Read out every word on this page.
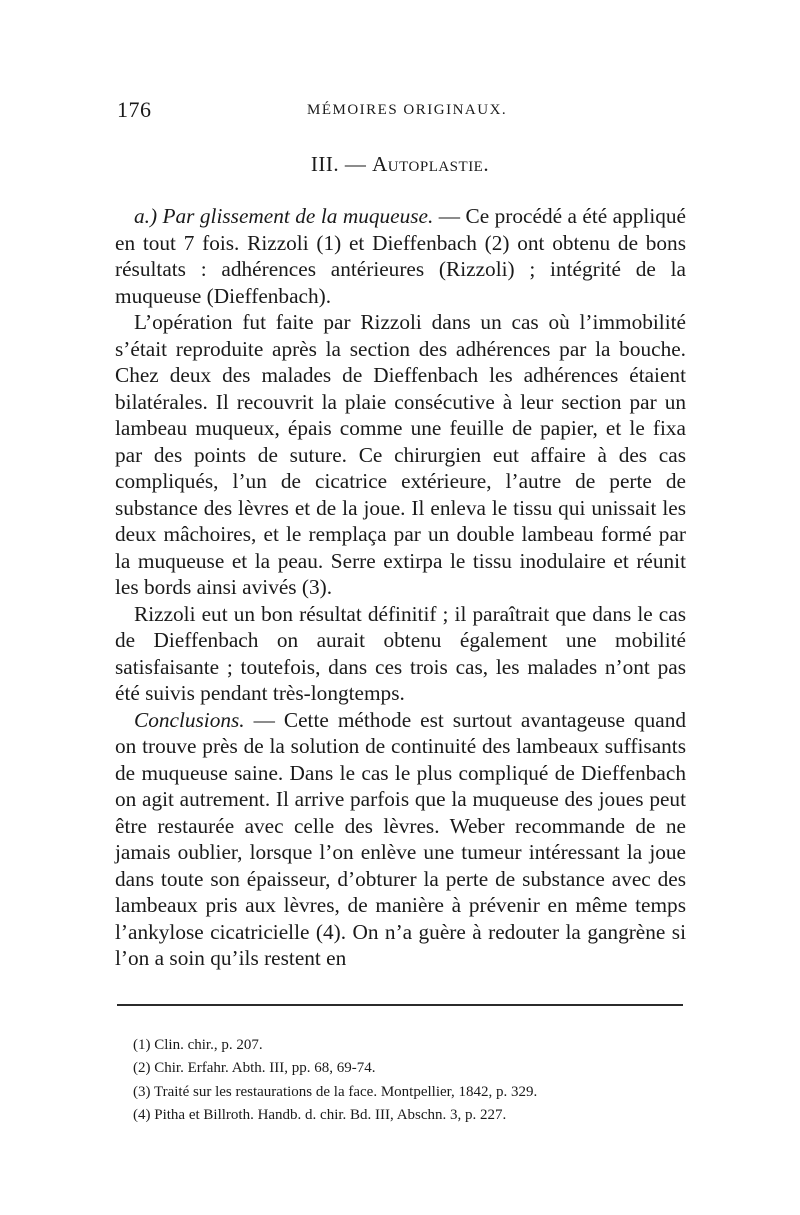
176	MÉMOIRES ORIGINAUX.
III. — Autoplastie.

a.) Par glissement de la muqueuse. — Ce procédé a été appliqué en tout 7 fois. Rizzoli (1) et Dieffenbach (2) ont obtenu de bons résultats : adhérences antérieures (Rizzoli) ; intégrité de la muqueuse (Dieffenbach).

L’opération fut faite par Rizzoli dans un cas où l’immobilité s’était reproduite après la section des adhérences par la bouche. Chez deux des malades de Dieffenbach les adhérences étaient bilatérales. Il recouvrit la plaie consécutive à leur section par un lambeau muqueux, épais comme une feuille de papier, et le fixa par des points de suture. Ce chirurgien eut affaire à des cas compliqués, l’un de cicatrice extérieure, l’autre de perte de substance des lèvres et de la joue. Il enleva le tissu qui unissait les deux mâchoires, et le remplaça par un double lambeau formé par la muqueuse et la peau. Serre extirpa le tissu inodulaire et réunit les bords ainsi avivés (3).

Rizzoli eut un bon résultat définitif ; il paraîtrait que dans le cas de Dieffenbach on aurait obtenu également une mobilité satisfaisante ; toutefois, dans ces trois cas, les malades n’ont pas été suivis pendant très-longtemps.

Conclusions. — Cette méthode est surtout avantageuse quand on trouve près de la solution de continuité des lambeaux suffisants de muqueuse saine. Dans le cas le plus compliqué de Dieffenbach on agit autrement. Il arrive parfois que la muqueuse des joues peut être restaurée avec celle des lèvres. Weber recommande de ne jamais oublier, lorsque l’on enlève une tumeur intéressant la joue dans toute son épaisseur, d’obturer la perte de substance avec des lambeaux pris aux lèvres, de manière à prévenir en même temps l’ankylose cicatricielle (4). On n’a guère à redouter la gangrène si l’on a soin qu’ils restent en

(1) Clin. chir., p. 207.
(2) Chir. Erfahr. Abth. III, pp. 68, 69-74.
(3) Traité sur les restaurations de la face. Montpellier, 1842, p. 329.
(4) Pitha et Billroth. Handb. d. chir. Bd. III, Abschn. 3, p. 227.
